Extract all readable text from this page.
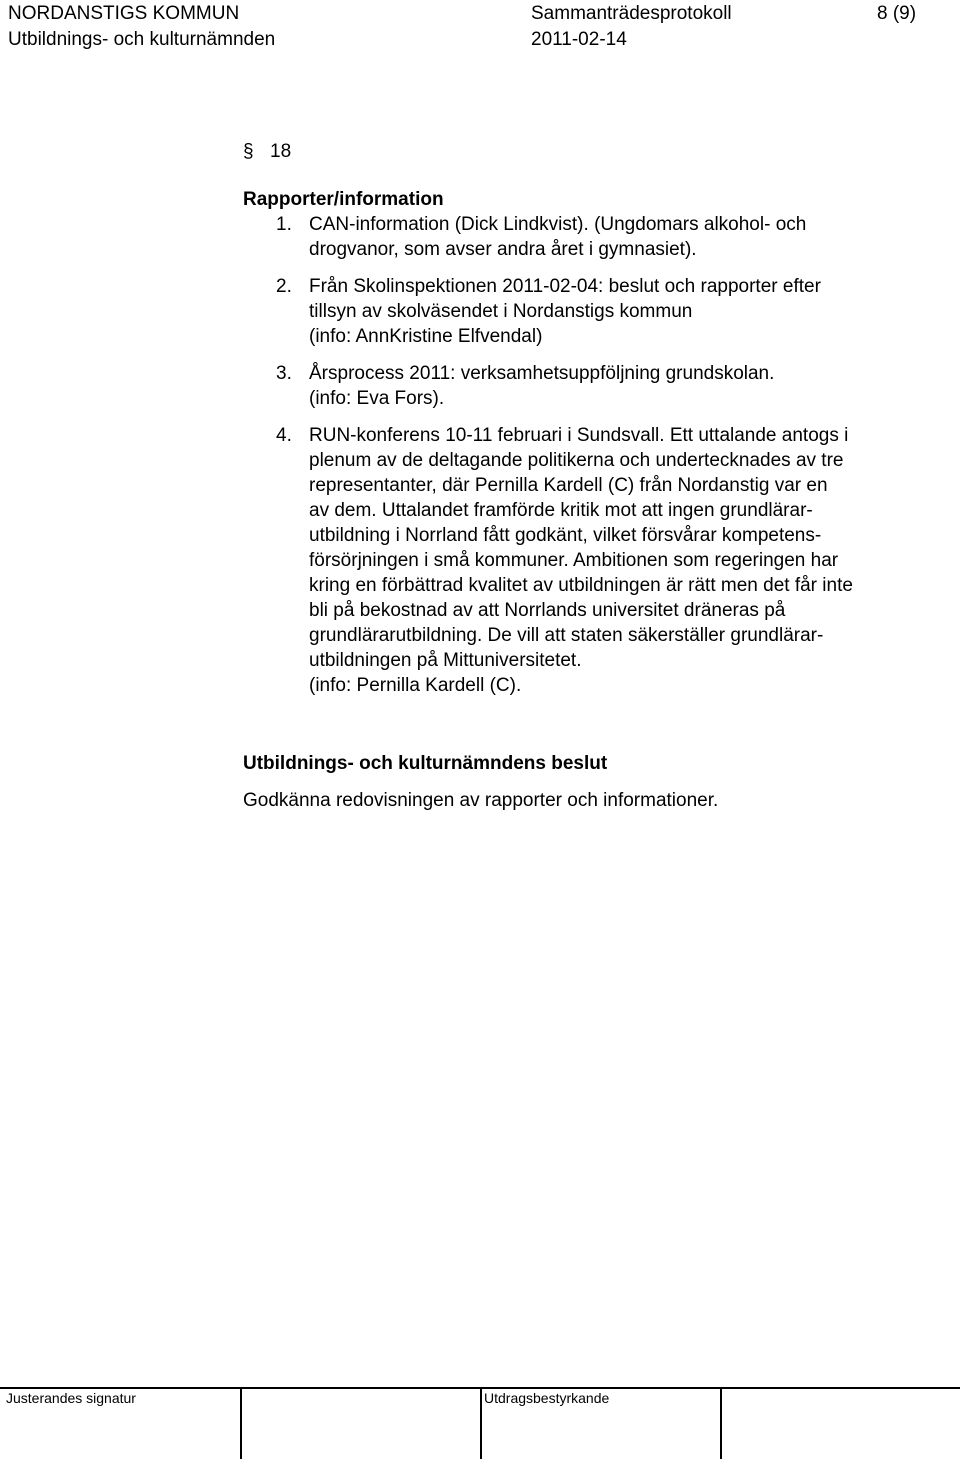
NORDANSTIGS KOMMUN
Utbildnings- och kulturnämnden
Sammanträdesprotokoll
2011-02-14
8 (9)
§ 18
Rapporter/information
1. CAN-information (Dick Lindkvist). (Ungdomars alkohol- och
drogvanor, som avser andra året i gymnasiet).
2. Från Skolinspektionen 2011-02-04: beslut och rapporter efter
tillsyn av skolväsendet i Nordanstigs kommun
(info: AnnKristine Elfvendal)
3. Årsprocess 2011: verksamhetsuppföljning grundskolan.
(info: Eva Fors).
4. RUN-konferens 10-11 februari i Sundsvall. Ett uttalande antogs i
plenum av de deltagande politikerna och undertecknades av tre
representanter, där Pernilla Kardell (C) från Nordanstig var en
av dem. Uttalandet framförde kritik mot att ingen grundlärar-
utbildning i Norrland fått godkänt, vilket försvårar kompetens-
försörjningen i små kommuner. Ambitionen som regeringen har
kring en förbättrad kvalitet av utbildningen är rätt men det får inte
bli på bekostnad av att Norrlands universitet dräneras på
grundlärarutbildning. De vill att staten säkerställer grundlärar-
utbildningen på Mittuniversitetet.
(info: Pernilla Kardell (C).
Utbildnings- och kulturnämndens beslut
Godkänna redovisningen av rapporter och informationer.
Justerandes signatur	Utdragsbestyrkande
